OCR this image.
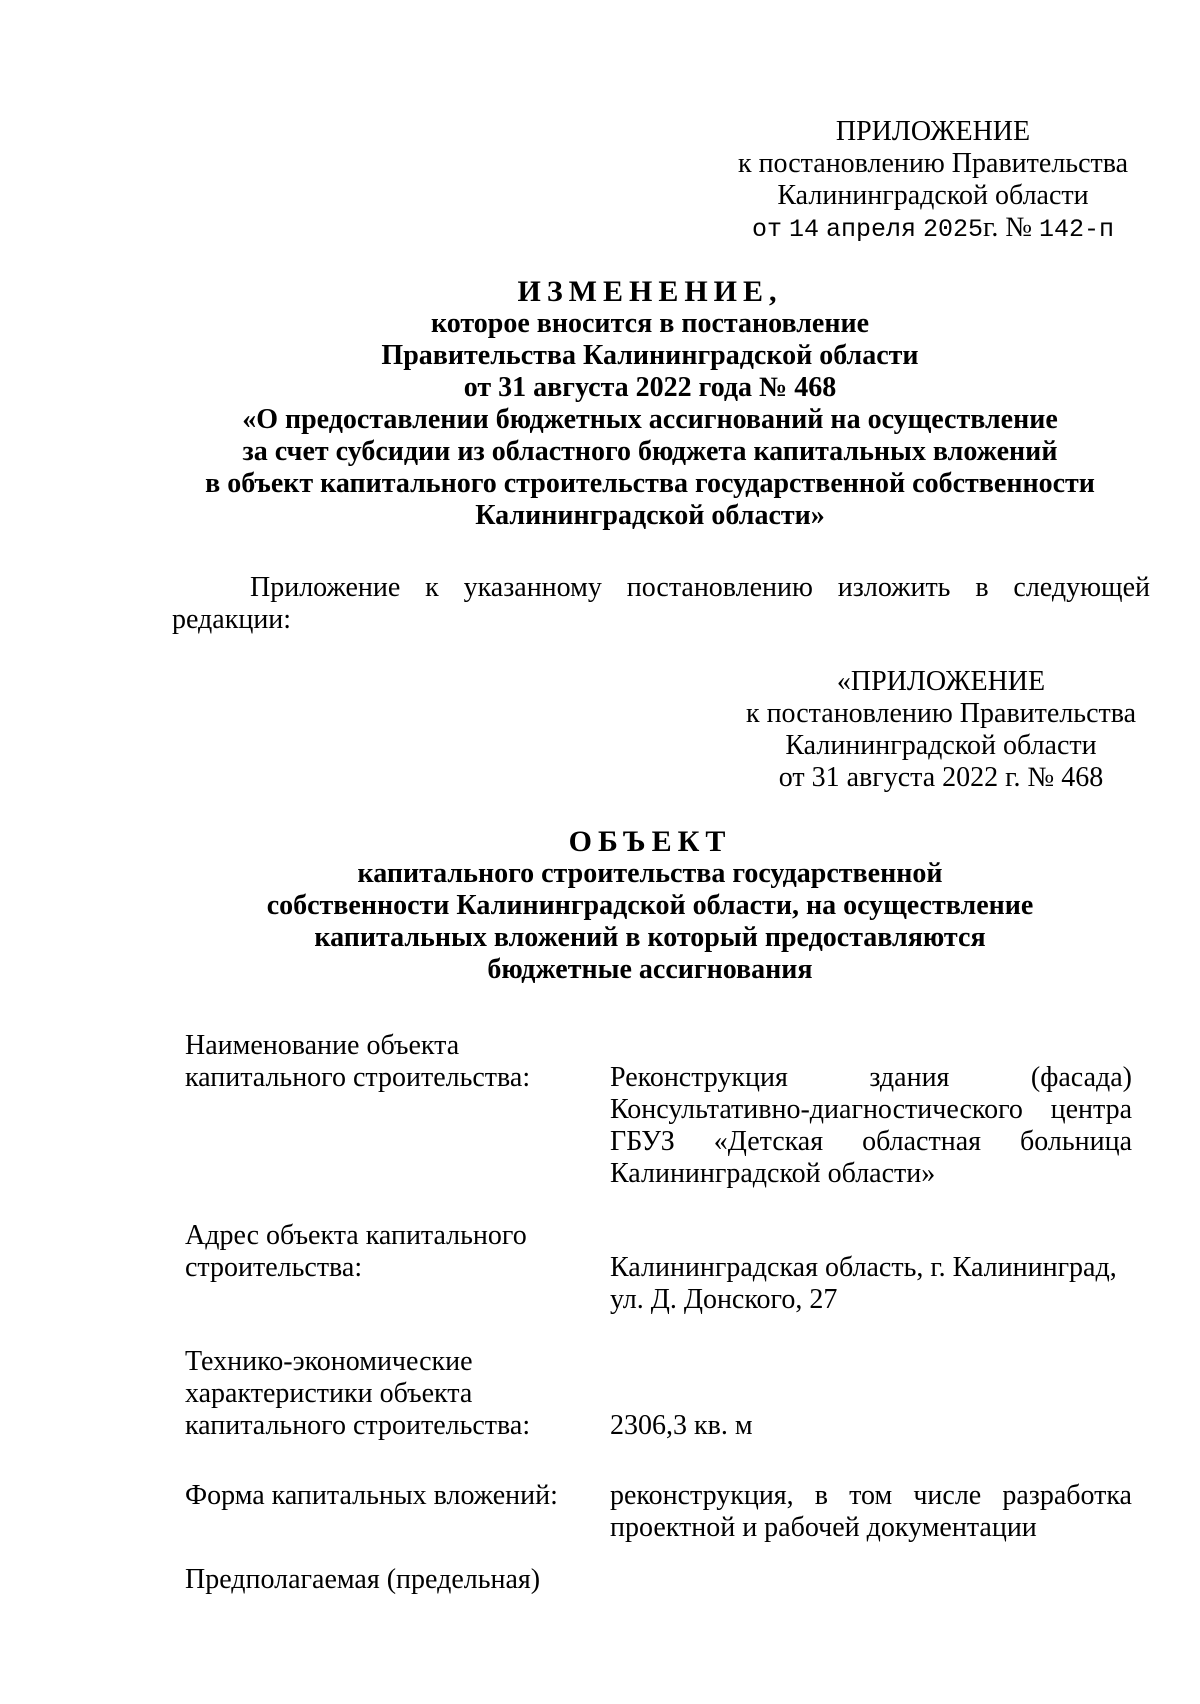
ПРИЛОЖЕНИЕ
к постановлению Правительства
Калининградской области
от 14 апреля 2025г. № 142-п
ИЗМЕНЕНИЕ,
которое вносится в постановление
Правительства Калининградской области
от 31 августа 2022 года № 468
«О предоставлении бюджетных ассигнований на осуществление
за счет субсидии из областного бюджета капитальных вложений
в объект капитального строительства государственной собственности
Калининградской области»
Приложение к указанному постановлению изложить в следующей
редакции:
«ПРИЛОЖЕНИЕ
к постановлению Правительства
Калининградской области
от 31 августа 2022 г. № 468
ОБЪЕКТ
капитального строительства государственной
собственности Калининградской области, на осуществление
капитальных вложений в который предоставляются
бюджетные ассигнования
Наименование объекта
капитального строительства:	Реконструкция здания (фасада)
Консультативно-диагностического центра
ГБУЗ «Детская областная больница
Калининградской области»
Адрес объекта капитального
строительства:	Калининградская область, г. Калининград,
ул. Д. Донского, 27
Технико-экономические
характеристики объекта
капитального строительства:	2306,3 кв. м
Форма капитальных вложений:	реконструкция, в том числе разработка
проектной и рабочей документации
Предполагаемая (предельная)
